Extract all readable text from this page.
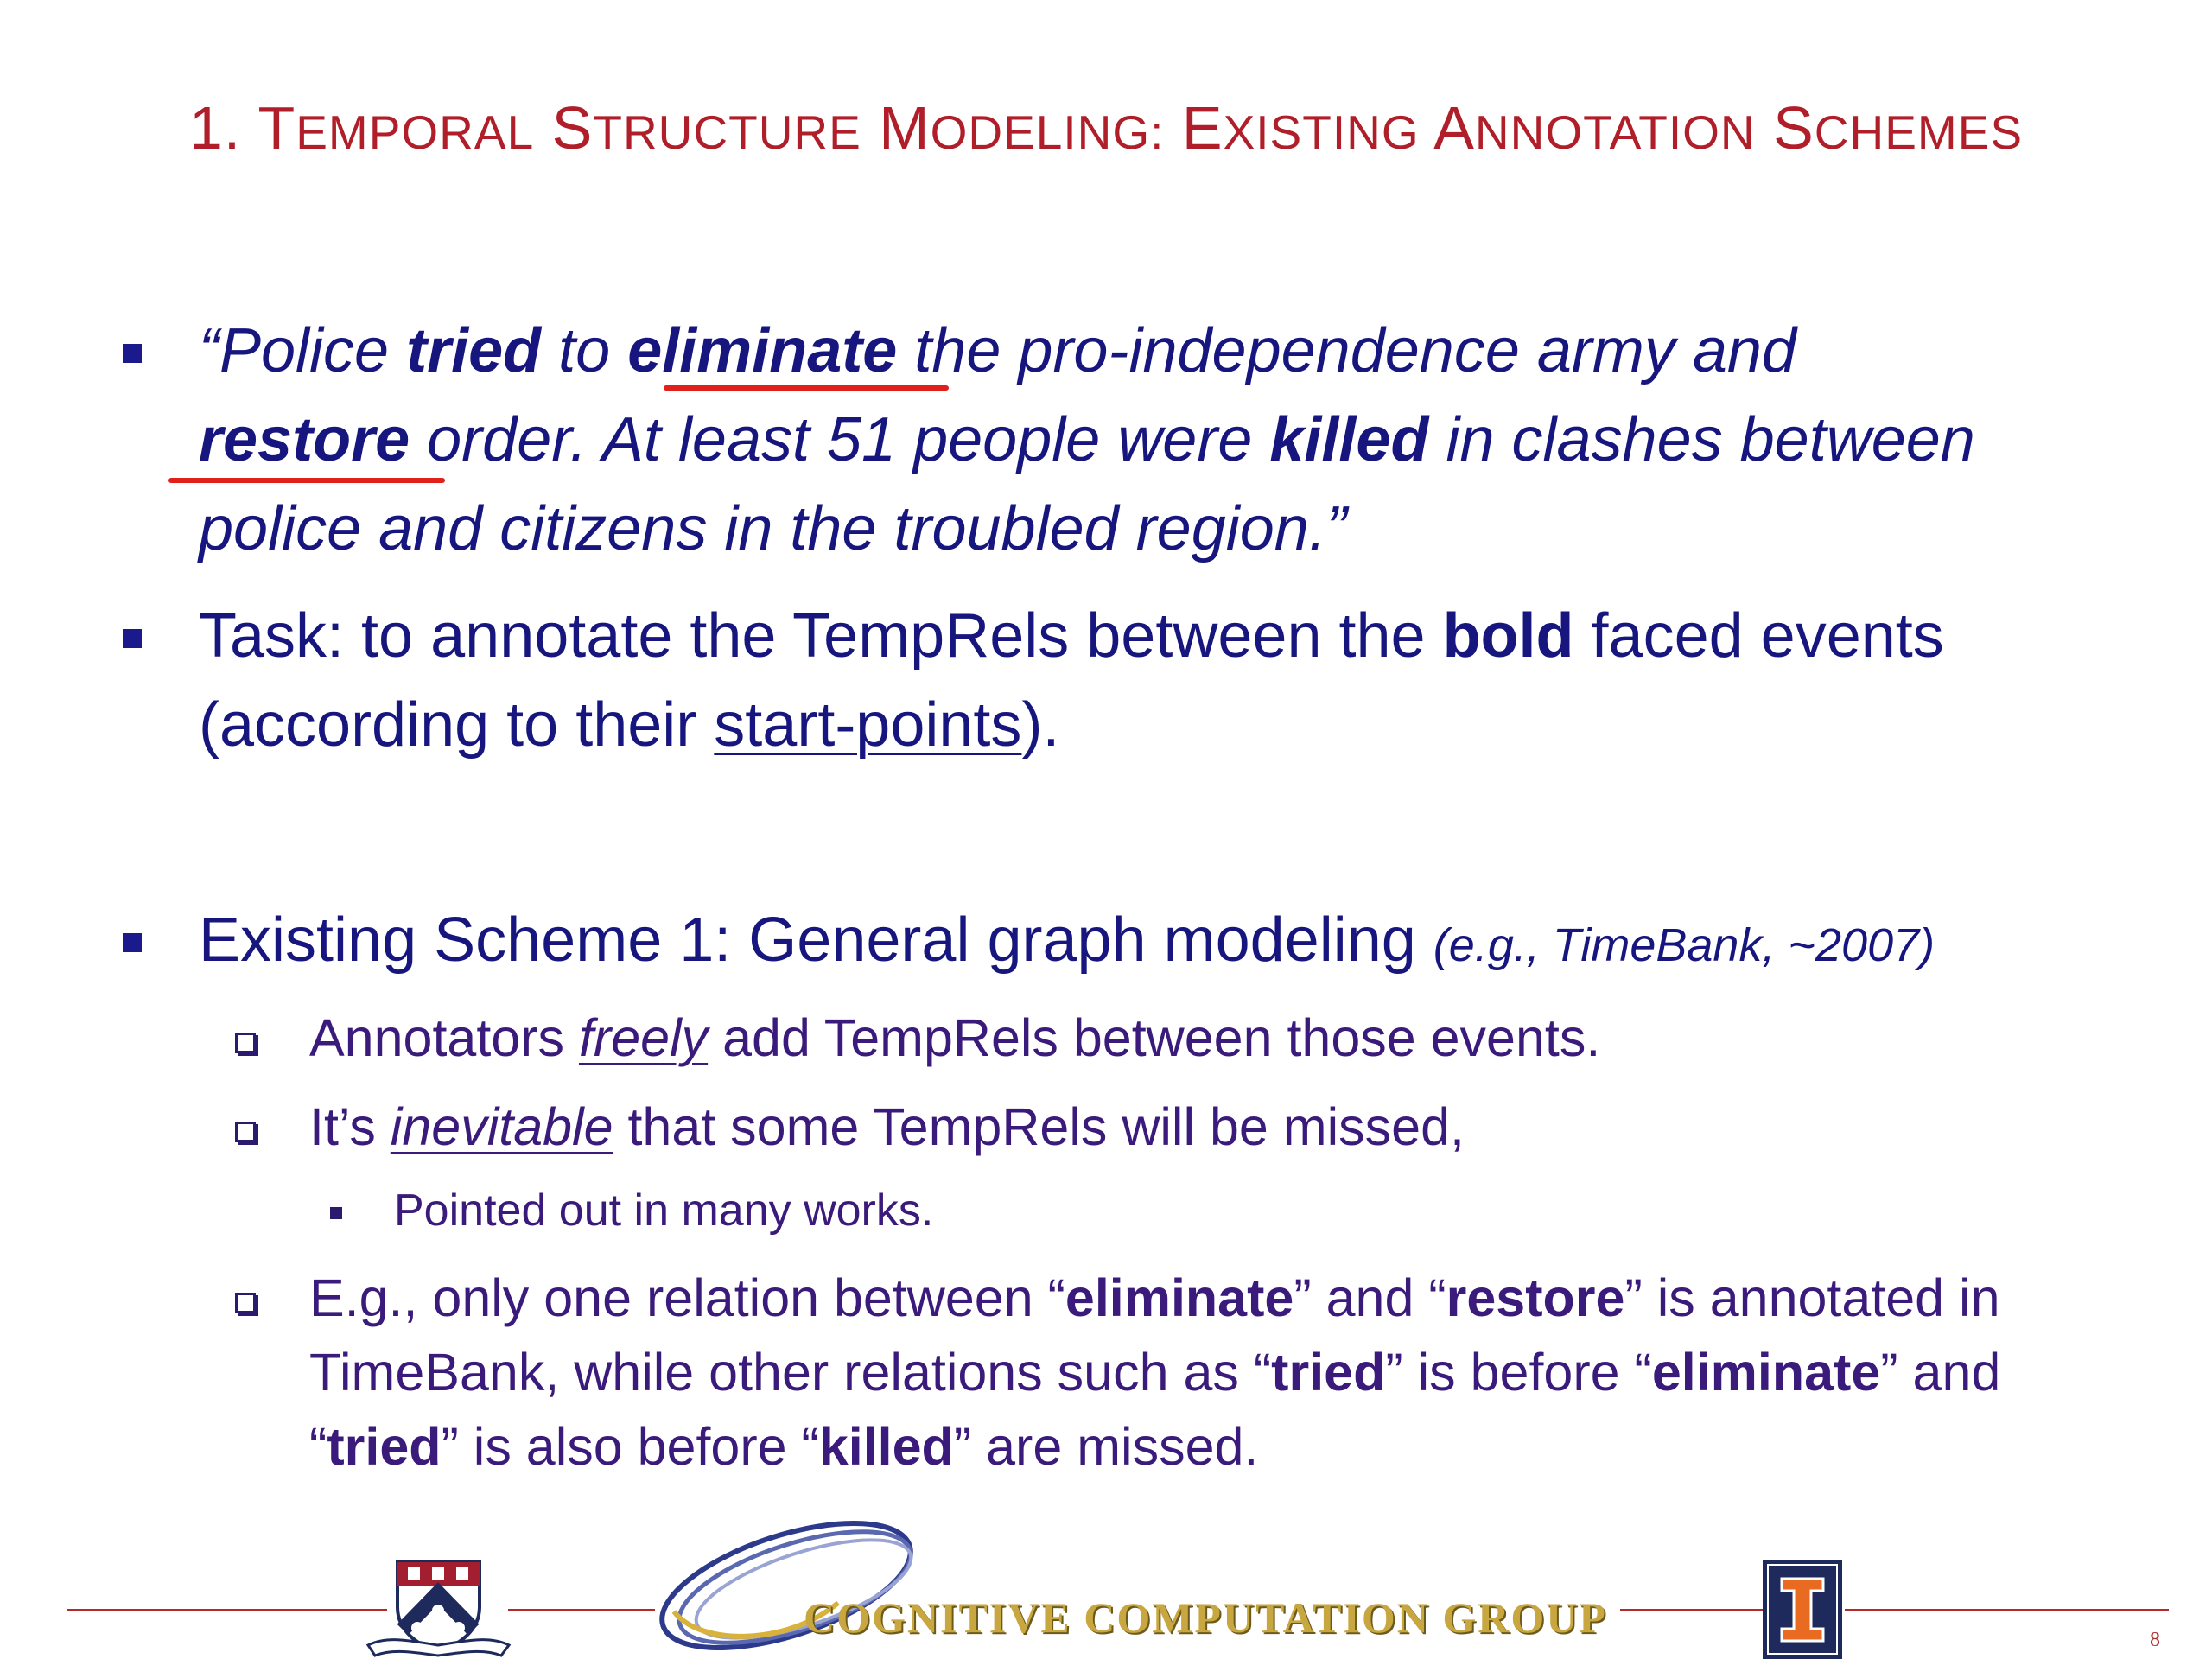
1. TEMPORAL STRUCTURE MODELING: EXISTING ANNOTATION SCHEMES
“Police tried to eliminate the pro-independence army and
restore order. At least 51 people were killed in clashes between
police and citizens in the troubled region.”
Task: to annotate the TempRels between the bold faced events
(according to their start-points).
Existing Scheme 1: General graph modeling (e.g., TimeBank, ~2007)
Annotators freely add TempRels between those events.
It’s inevitable that some TempRels will be missed,
Pointed out in many works.
E.g., only one relation between “eliminate” and “restore” is annotated in
TimeBank, while other relations such as “tried” is before “eliminate” and
“tried” is also before “killed” are missed.
COGNITIVE COMPUTATION GROUP	8
